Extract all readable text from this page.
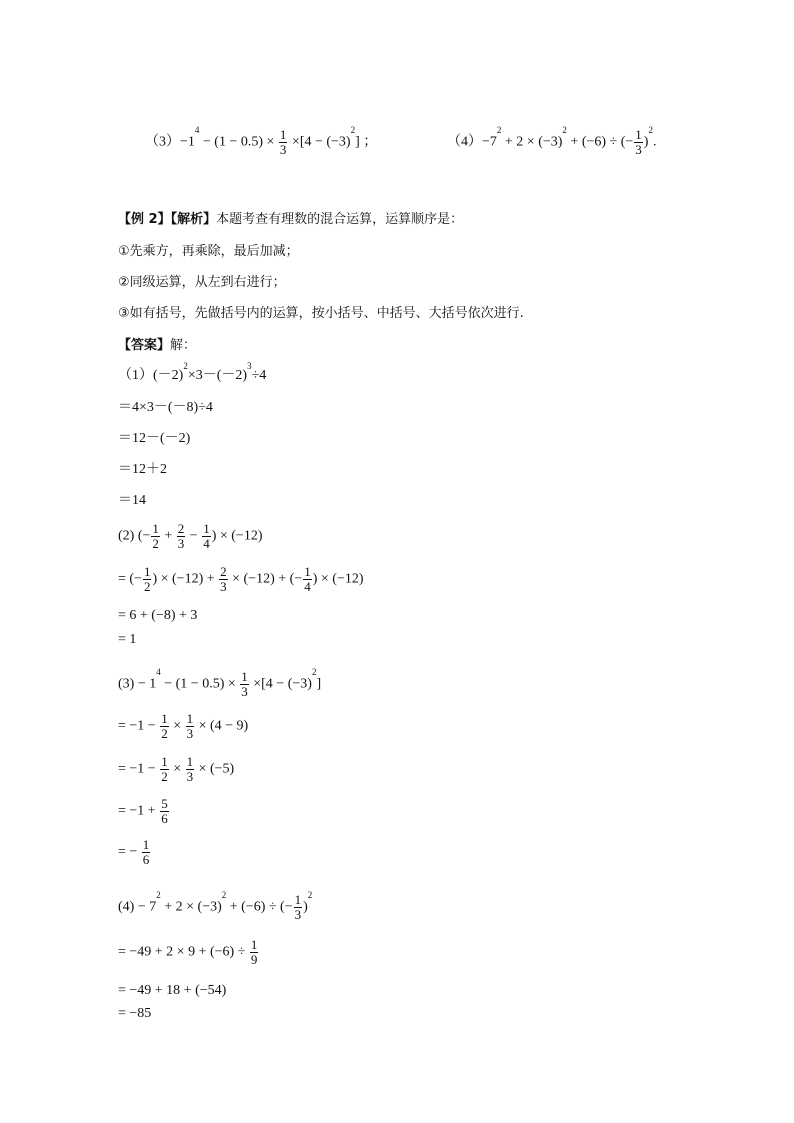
$(3)-1^4 - (1 - 0.5) \times \frac{1}{3} \times[4 - (-3)^2]$ ；	$(4)-7^2 + 2 \times (-3)^2 + (-6)$ ÷ (− $\frac{1}{3} )^2$.
【例 2】【解析】本题考查有理数的混合运算，运算顺序是：
①先乘方，再乘除，最后加减；
②同级运算，从左到右进行；
③如有括号，先做括号内的运算，按小括号、中括号、大括号依次进行.
【答案】解：
$(1)(-2)^2\times 3-(-2)^3\div 4$
＝4×3－(－8)÷4
＝12－(－2)
＝12＋2
＝14
(2) (− $\frac{1}{2} + \frac{2}{3} - \frac{1}{4}$ ) × (−12)
= (− $\frac{1}{2}$ ) × $(-12) + \frac{2}{3} \times (-12)$ + (− $\frac{1}{4}$ ) × (−12)
= 6 + (−8) + 3
= 1
$(3) - 1^4 - (1 - 0.5) \times \frac{1}{3} \times[4 - (-3)^2]$
= $-1 - \frac{1}{2} \times \frac{1}{3} \times (4 - 9)$
= $-1 - \frac{1}{2} \times \frac{1}{3} \times (-5)$
= $-1 + \frac{5}{6}$
= − $\frac{1}{6}$
$(4) - 7^2 + 2 \times (-3)^2 + (-6)$ ÷ (− $\frac{1}{3} )^2$
= $-49 + 2 \times 9 + (-6) \div \frac{1}{9}$
= −49 + 18 + (−54)
= −85
